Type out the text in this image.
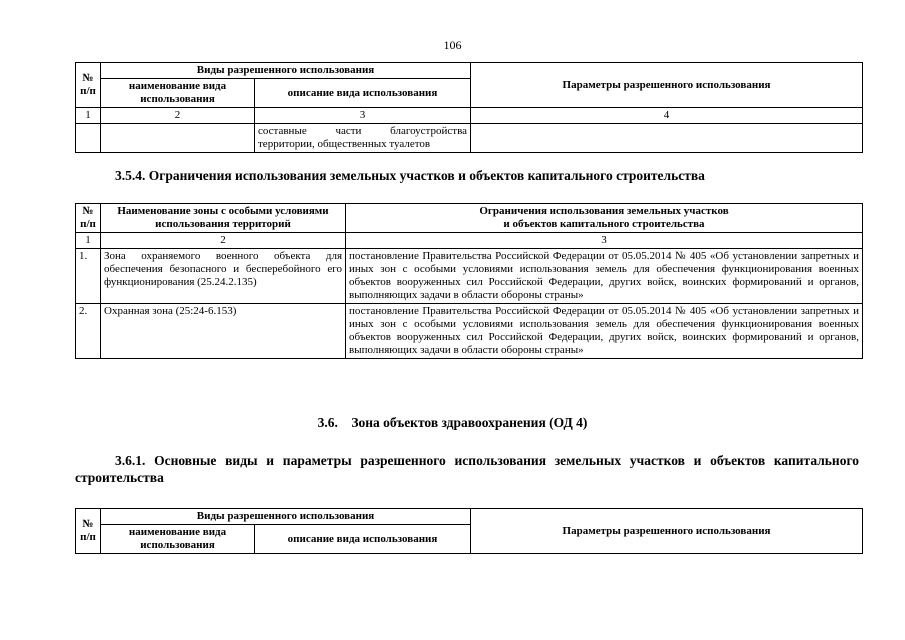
106
№ п/п	Виды разрешенного использования		Параметры разрешенного использования
	наименование вида использования	описание вида использования	
1	2	3	4
		составные части благоустройства территории, общественных туалетов	
3.5.4. Ограничения использования земельных участков и объектов капитального строительства
№ п/п	Наименование зоны с особыми условиями использования территорий	Ограничения использования земельных участков
и объектов капитального строительства

1	2	3
1.	Зона охраняемого военного объекта для обеспечения безопасного и бесперебойного его функционирования (25.24.2.135)	постановление Правительства Российской Федерации от 05.05.2014 № 405 «Об установлении запретных и иных зон с особыми условиями использования земель для обеспечения функционирования военных объектов вооруженных сил Российской Федерации, других войск, воинских формирований и органов, выполняющих задачи в области обороны страны»
2.	Охранная зона (25:24-6.153)	постановление Правительства Российской Федерации от 05.05.2014 № 405 «Об установлении запретных и иных зон с особыми условиями использования земель для обеспечения функционирования военных объектов вооруженных сил Российской Федерации, других войск, воинских формирований и органов, выполняющих задачи в области обороны страны»
3.6.    Зона объектов здравоохранения (ОД 4)
3.6.1. Основные виды и параметры разрешенного использования земельных участков и объектов капитального строительства
№ п/п	Виды разрешенного использования		Параметры разрешенного использования
	наименование вида использования	описание вида использования	
